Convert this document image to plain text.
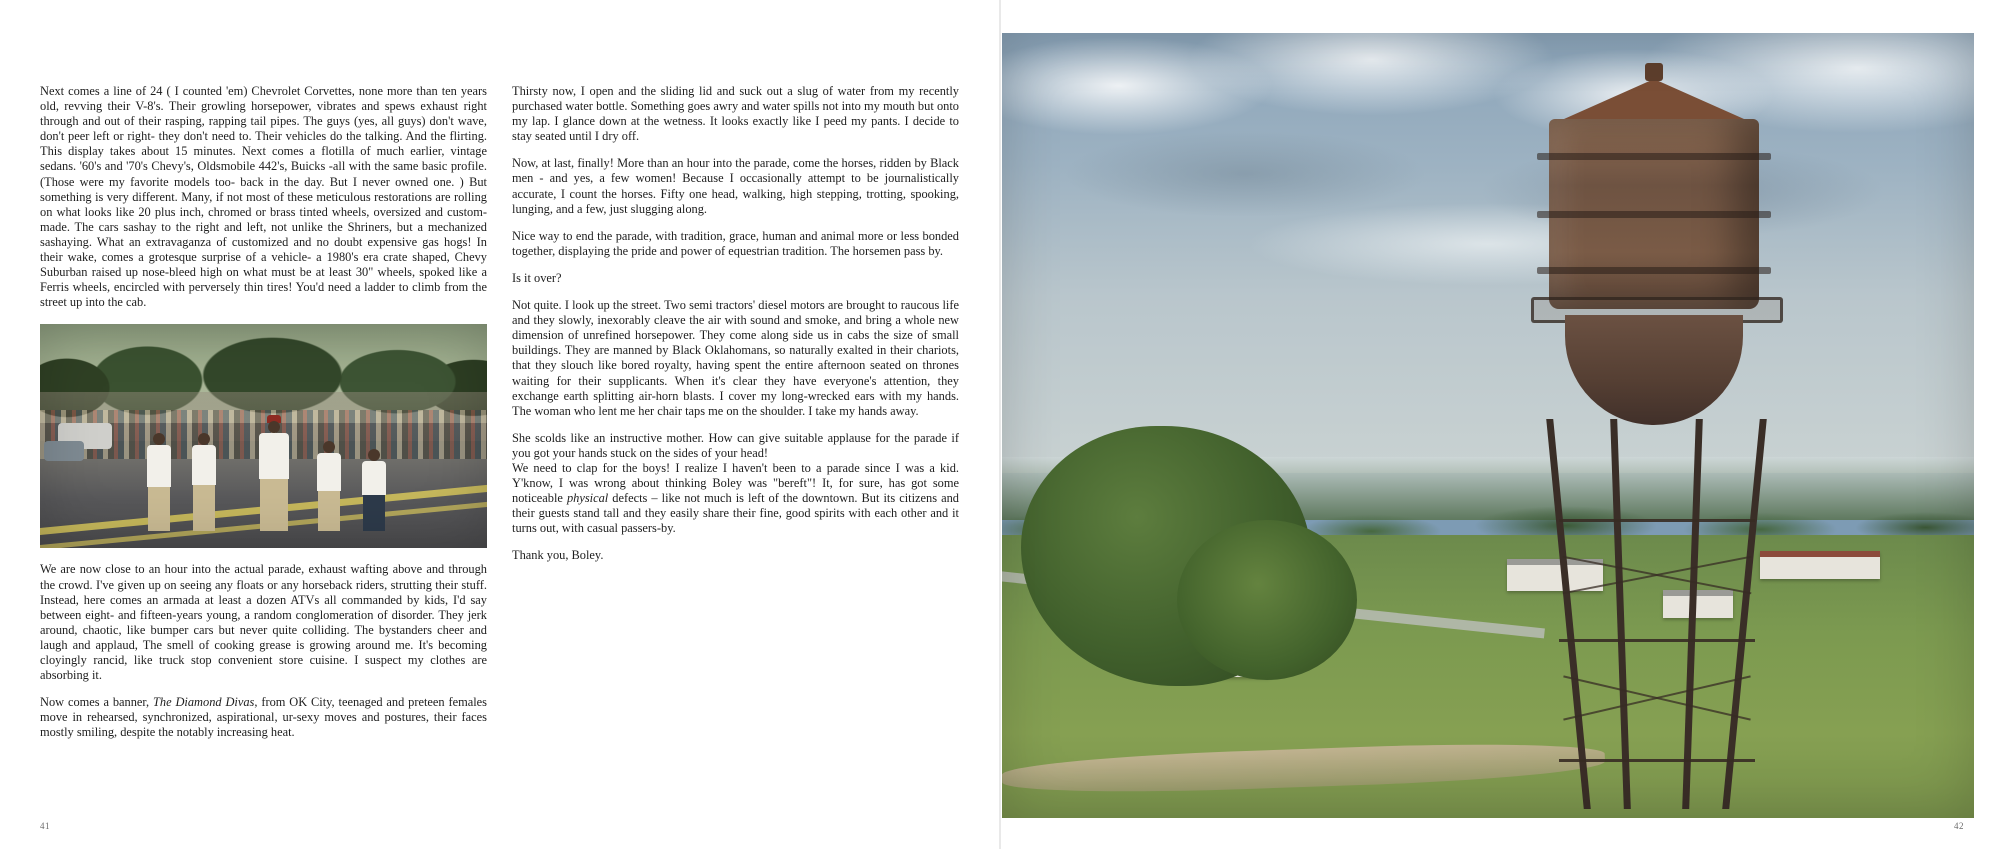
Next comes a line of 24 ( I counted 'em) Chevrolet Corvettes, none more than ten years old, revving their V-8's. Their growling horsepower, vibrates and spews exhaust right through and out of their rasping, rapping tail pipes. The guys (yes, all guys) don't wave, don't peer left or right- they don't need to. Their vehicles do the talking. And the flirting. This display takes about 15 minutes. Next comes a flotilla of much earlier, vintage sedans. '60's and '70's Chevy's, Oldsmobile 442's, Buicks -all with the same basic profile. (Those were my favorite models too- back in the day. But I never owned one. ) But something is very different. Many, if not most of these meticulous restorations are rolling on what looks like 20 plus inch, chromed or brass tinted wheels, oversized and custom-made. The cars sashay to the right and left, not unlike the Shriners, but a mechanized sashaying. What an extravaganza of customized and no doubt expensive gas hogs! In their wake, comes a grotesque surprise of a vehicle- a 1980's era crate shaped, Chevy Suburban raised up nose-bleed high on what must be at least 30" wheels, spoked like a Ferris wheels, encircled with perversely thin tires! You'd need a ladder to climb from the street up into the cab.

We are now close to an hour into the actual parade, exhaust wafting above and through the crowd. I've given up on seeing any floats or any horseback riders, strutting their stuff. Instead, here comes an armada at least a dozen ATVs all commanded by kids, I'd say between eight- and fifteen-years young, a random conglomeration of disorder. They jerk around, chaotic, like bumper cars but never quite colliding. The bystanders cheer and laugh and applaud, The smell of cooking grease is growing around me. It's becoming cloyingly rancid, like truck stop convenient store cuisine. I suspect my clothes are absorbing it.

Now comes a banner, The Diamond Divas, from OK City, teenaged and preteen females move in rehearsed, synchronized, aspirational, ur-sexy moves and postures, their faces mostly smiling, despite the notably increasing heat.

Thirsty now, I open and the sliding lid and suck out a slug of water from my recently purchased water bottle. Something goes awry and water spills not into my mouth but onto my lap. I glance down at the wetness. It looks exactly like I peed my pants. I decide to stay seated until I dry off.

Now, at last, finally! More than an hour into the parade, come the horses, ridden by Black men - and yes, a few women! Because I occasionally attempt to be journalistically accurate, I count the horses. Fifty one head, walking, high stepping, trotting, spooking, lunging, and a few, just slugging along.

Nice way to end the parade, with tradition, grace, human and animal more or less bonded together, displaying the pride and power of equestrian tradition. The horsemen pass by.

Is it over?

Not quite. I look up the street. Two semi tractors' diesel motors are brought to raucous life and they slowly, inexorably cleave the air with sound and smoke, and bring a whole new dimension of unrefined horsepower. They come along side us in cabs the size of small buildings. They are manned by Black Oklahomans, so naturally exalted in their chariots, that they slouch like bored royalty, having spent the entire afternoon seated on thrones waiting for their supplicants. When it's clear they have everyone's attention, they exchange earth splitting air-horn blasts. I cover my long-wrecked ears with my hands. The woman who lent me her chair taps me on the shoulder. I take my hands away.

She scolds like an instructive mother. How can give suitable applause for the parade if you got your hands stuck on the sides of your head!

We need to clap for the boys! I realize I haven't been to a parade since I was a kid. Y'know, I was wrong about thinking Boley was "bereft"! It, for sure, has got some noticeable physical defects – like not much is left of the downtown. But its citizens and their guests stand tall and they easily share their fine, good spirits with each other and it turns out, with casual passers-by.

Thank you, Boley.

41	42
